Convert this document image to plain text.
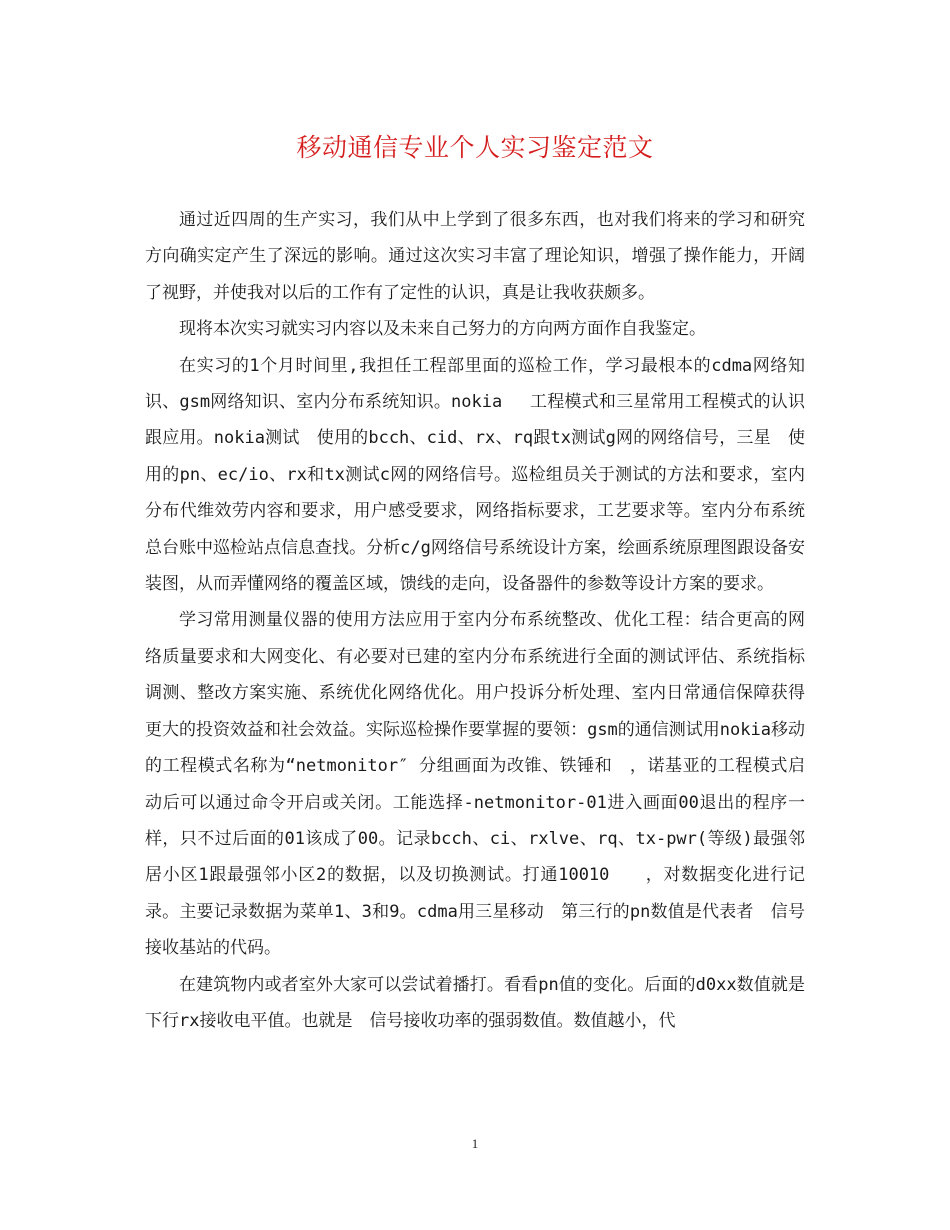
移动通信专业个人实习鉴定范文

通过近四周的生产实习，我们从中上学到了很多东西，也对我们将来的学习和研究方向确实定产生了深远的影响。通过这次实习丰富了理论知识，增强了操作能力，开阔了视野，并使我对以后的工作有了定性的认识，真是让我收获颇多。

现将本次实习就实习内容以及未来自己努力的方向两方面作自我鉴定。

在实习的1个月时间里,我担任工程部里面的巡检工作，学习最根本的cdma网络知识、gsm网络知识、室内分布系统知识。nokia　 工程模式和三星常用工程模式的认识跟应用。nokia测试　使用的bcch、cid、rx、rq跟tx测试g网的网络信号，三星　使用的pn、ec/io、rx和tx测试c网的网络信号。巡检组员关于测试的方法和要求，室内分布代维效劳内容和要求，用户感受要求，网络指标要求，工艺要求等。室内分布系统总台账中巡检站点信息查找。分析c/g网络信号系统设计方案，绘画系统原理图跟设备安装图，从而弄懂网络的覆盖区域，馈线的走向，设备器件的参数等设计方案的要求。

学习常用测量仪器的使用方法应用于室内分布系统整改、优化工程：结合更高的网络质量要求和大网变化、有必要对已建的室内分布系统进行全面的测试评估、系统指标调测、整改方案实施、系统优化网络优化。用户投诉分析处理、室内日常通信保障获得更大的投资效益和社会效益。实际巡检操作要掌握的要领：gsm的通信测试用nokia移动　的工程模式名称为“netmonitor″ 分组画面为改锥、铁锤和　，诺基亚的工程模式启动后可以通过命令开启或关闭。工能选择-netmonitor-01进入画面00退出的程序一样，只不过后面的01该成了00。记录bcch、ci、rxlve、rq、tx-pwr(等级)最强邻居小区1跟最强邻小区2的数据，以及切换测试。打通10010　　，对数据变化进行记录。主要记录数据为菜单1、3和9。cdma用三星移动　第三行的pn数值是代表者　信号接收基站的代码。

在建筑物内或者室外大家可以尝试着播打。看看pn值的变化。后面的d0xx数值就是下行rx接收电平值。也就是　信号接收功率的强弱数值。数值越小，代

1
